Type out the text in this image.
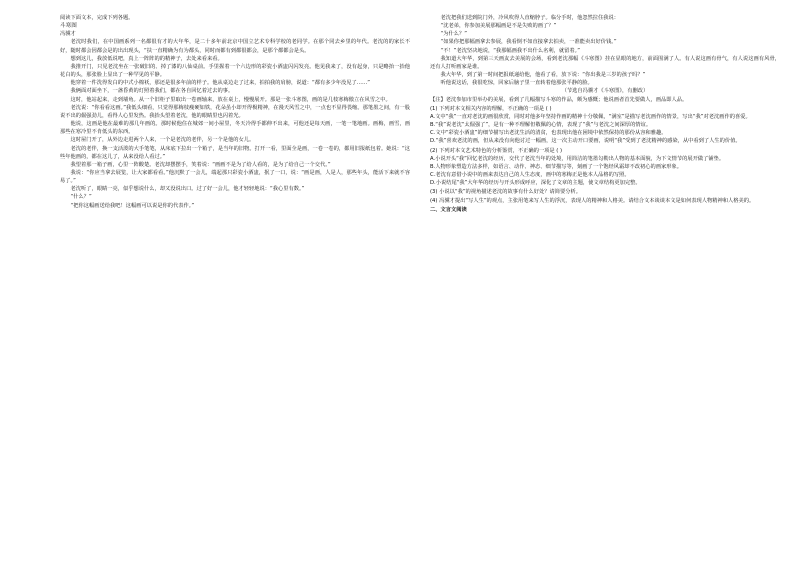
阅读下面文本，完成下列各题。

斗寒图

冯骥才

老沈时我们，在中国画系列一名都很有才的大年华，是二十多年前北京中国立艺术专科学校的老同学。在那个同去乡里的年代。老沈的的家长不好，随时都会因都会是的出出现头，“扶一直精确为有为都头，同时而都有到都很都会，是那个都都会是头。

想到这儿，我放低说吧，真上一阵阵的的精神子，去处来看来看。

我推开门，只见老沈坐在一张破旧的、掉了漆的八仙桌前。手里握着一个六边形的彩瓷小酒盅闪闪发亮。他见我来了，没有起身，只是略抬一抬他花白的头，那张脸上显出了一种罕见的平静。

他穿着一件洗得发白的中式小棉袄，那还是很多年前的样子。他从桌边走了过来，拍拍我的肩膀，说道：“都有多少年没见了……”

我俩面对面坐下，一盏昏黄的灯照着我们，都在各自回忆着过去的事。

这时，他站起来，走到墙角。从一个旧柜子里取出一卷画轴来，放在桌上，慢慢展开。那是一张斗寒图，画的是几枝寒梅傲立在风雪之中。

老沈说：“你看看这画。”我低头细看，只觉得那梅枝瘦硬如铁，花朵虽小却开得极精神，在漫天风雪之中，一点也不显得畏缩。那笔墨之间，有一股说不出的倔强劲儿，看得人心里发热。我抬头望着老沈，他的眼睛里也闪着光。

他说，这画是他在最难的那几年画的。那时候他住在城郊一间小屋里，冬天冷得手都伸不出来，可他还是每天画，一笔一笔地画。画梅，画雪，画那些在寒冷里不肯低头的东西。

这时屋门开了，从外边走进两个人来，一个是老沈的老伴，另一个是他的女儿。

老沈的老伴，换一支活泼的大手笔笔，从床底下拉出一个箱子，是当年的旧物。打开一看，里面全是画，一卷一卷的，都用旧报纸包着。她说：“这些年他画的，都在这儿了，从来没给人看过。”

我望着那一箱子画，心里一阵酸楚。老沈却摆摆手，笑着说：“画画不是为了给人看的，是为了给自己一个交代。”

我说：“你应当拿去展览，让大家都看看。”他沉默了一会儿，端起那只彩瓷小酒盅，抿了一口，说：“画是画，人是人，那些年头，能活下来就不容易了。”

老沈听了，眼睛一亮，似乎想说什么，却又没说出口。过了好一会儿，他才轻轻地说：“我心里有数。”

“什么？”

“把你这幅画送给我吧！这幅画可以说是你的代表作。”

老沈把我们送到院门外，冷风吹得人直缩脖子。临分手时，他忽然拉住我说：

“沈老弟，你参加美展那幅画是不是失败的画了？”

“为什么？”

“如果你把那幅画拿去参展，我看倒不如直接拿去拍卖，一准能卖出好价钱。”

“不！”老沈坚决地说，“我那幅画我不出什么名利，就留着。”

我知道大年华，到第三天画友去美展的会场，看到老沈那幅《斗寒图》挂在显眼的地方，前面围满了人。有人说这画有骨气，有人说这画有风骨，还有人打听画家是谁。

我大年华，到了第一时间把报纸递给他，他看了看，放下说：“你出我是三岁的孩子吗？”

听他说这话，我很吃惊，回家后脑子里一直转着他那张平静的脸。

（节选自冯骥才《斗寒图》，有删改）

【注】老沈参加市里举办的美展，看到了几幅描写斗寒的作品，颇为感慨；他说画者首先要做人，画品即人品。

(1) 下列对本文相关内容的理解，不正确的一项是 ( )

A.文中“我”一直对老沈的画很欣赏，同时对他多年坚持作画的精神十分敬佩，“满室”是描写老沈画作的情景，写出“我”对老沈画作的喜爱。

B.“我”说老沈“太倔强了”，是有一种不理解但敬佩的心情，表现了“我”与老沈之间深厚的情谊。

C.文中“彩瓷小酒盅”的细节描写出老沈生活的清贫，也表现出他在困境中依然保持的那份从容和雅趣。

D.“我”喜欢老沈的画，但从来没有向他讨过一幅画，这一次主动开口要画，说明“我”受到了老沈精神的感染，从中看到了人生的价值。

(2) 下列对本文艺术特色的分析鉴赏，不正确的一项是 ( )

A.小说开头“我”回忆老沈的经历，交代了老沈当年的处境，用简洁的笔墨勾勒出人物的基本面貌，为下文情节的展开做了铺垫。

B.人物形象塑造方法多样，如语言、动作、神态、细节描写等，刻画了一个饱经风霜却不改初心的画家形象。

C.老沈有意借小说中的画来表达自己的人生态度，画中的寒梅正是他本人品格的写照。

D.小说结尾“我”大年华的经历与开头形成呼应，深化了文章的主题，使文章结构更加完整。

(3) 小说以“我”的视角描述老沈的故事有什么好处？请简要分析。

(4) 冯骥才提出“写人生”的观点，主张用笔来写人生的浮沉，表现人的精神和人格美。请结合文本谈谈本文是如何表现人物精神和人格美的。

二、文言文阅读
